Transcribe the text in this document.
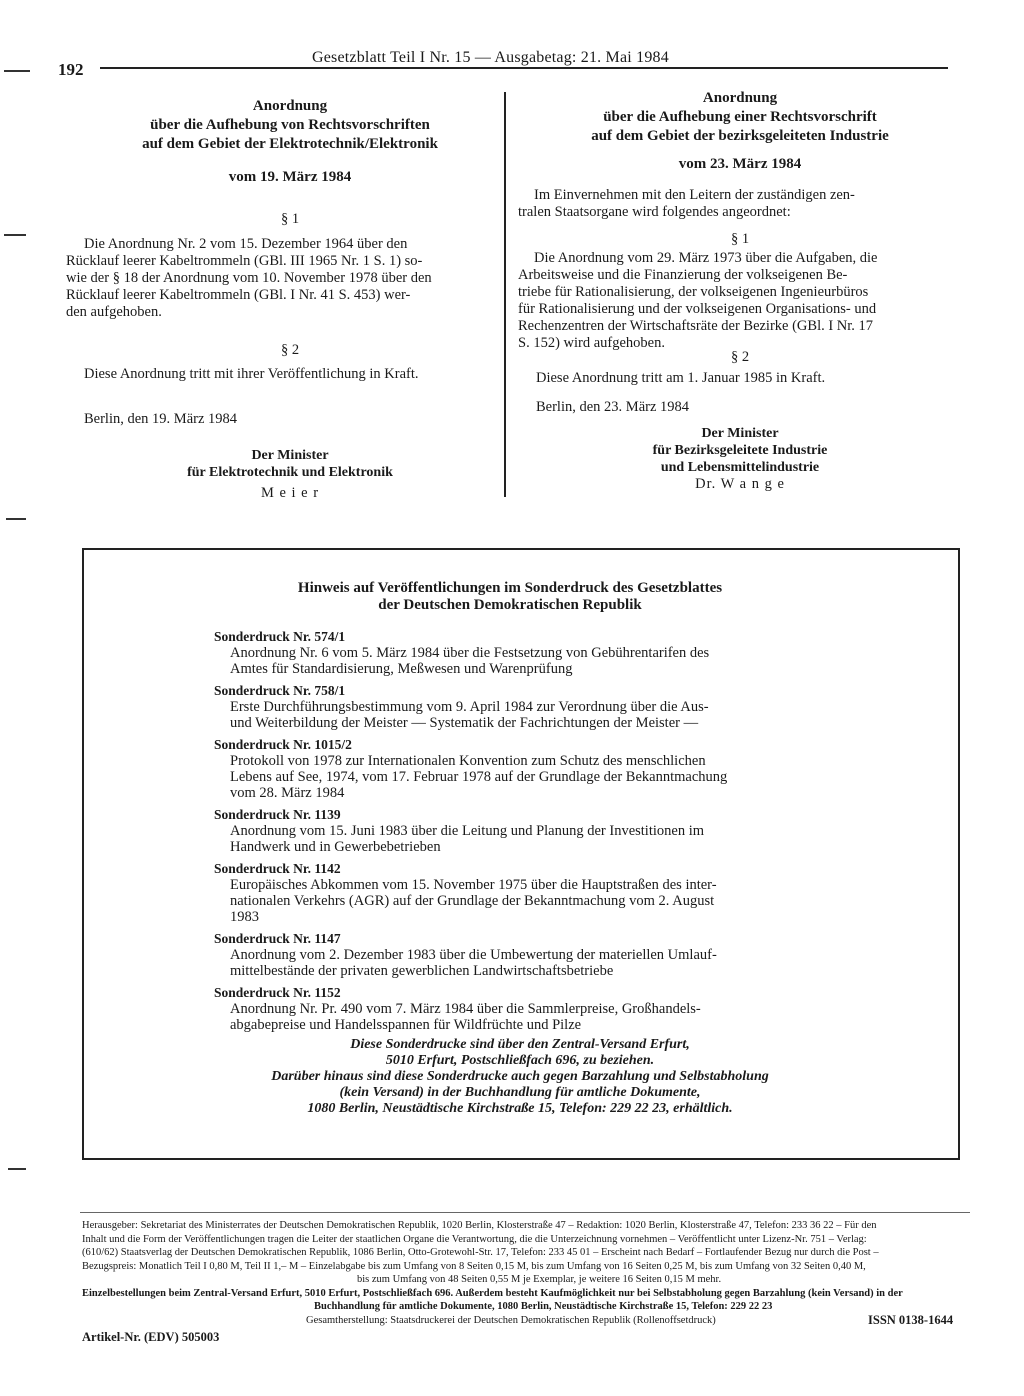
192
Gesetzblatt Teil I Nr. 15 — Ausgabetag: 21. Mai 1984
Anordnung
über die Aufhebung von Rechtsvorschriften
auf dem Gebiet der Elektrotechnik/Elektronik
vom 19. März 1984
§ 1
Die Anordnung Nr. 2 vom 15. Dezember 1964 über den
Rücklauf leerer Kabeltrommeln (GBl. III 1965 Nr. 1 S. 1) so-
wie der § 18 der Anordnung vom 10. November 1978 über den
Rücklauf leerer Kabeltrommeln (GBl. I Nr. 41 S. 453) wer-
den aufgehoben.
§ 2
Diese Anordnung tritt mit ihrer Veröffentlichung in Kraft.
Berlin, den 19. März 1984
Der Minister
für Elektrotechnik und Elektronik
M e i e r
Anordnung
über die Aufhebung einer Rechtsvorschrift
auf dem Gebiet der bezirksgeleiteten Industrie
vom 23. März 1984
Im Einvernehmen mit den Leitern der zuständigen zen-
tralen Staatsorgane wird folgendes angeordnet:
§ 1
Die Anordnung vom 29. März 1973 über die Aufgaben, die
Arbeitsweise und die Finanzierung der volkseigenen Be-
triebe für Rationalisierung, der volkseigenen Ingenieurbüros
für Rationalisierung und der volkseigenen Organisations- und
Rechenzentren der Wirtschaftsräte der Bezirke (GBl. I Nr. 17
S. 152) wird aufgehoben.
§ 2
Diese Anordnung tritt am 1. Januar 1985 in Kraft.
Berlin, den 23. März 1984
Der Minister
für Bezirksgeleitete Industrie
und Lebensmittelindustrie
Dr. W a n g e
Hinweis auf Veröffentlichungen im Sonderdruck des Gesetzblattes
der Deutschen Demokratischen Republik
Sonderdruck Nr. 574/1
Anordnung Nr. 6 vom 5. März 1984 über die Festsetzung von Gebührentarifen des
Amtes für Standardisierung, Meßwesen und Warenprüfung
Sonderdruck Nr. 758/1
Erste Durchführungsbestimmung vom 9. April 1984 zur Verordnung über die Aus-
und Weiterbildung der Meister — Systematik der Fachrichtungen der Meister —
Sonderdruck Nr. 1015/2
Protokoll von 1978 zur Internationalen Konvention zum Schutz des menschlichen
Lebens auf See, 1974, vom 17. Februar 1978 auf der Grundlage der Bekanntmachung
vom 28. März 1984
Sonderdruck Nr. 1139
Anordnung vom 15. Juni 1983 über die Leitung und Planung der Investitionen im
Handwerk und in Gewerbebetrieben
Sonderdruck Nr. 1142
Europäisches Abkommen vom 15. November 1975 über die Hauptstraßen des inter-
nationalen Verkehrs (AGR) auf der Grundlage der Bekanntmachung vom 2. August
1983
Sonderdruck Nr. 1147
Anordnung vom 2. Dezember 1983 über die Umbewertung der materiellen Umlauf-
mittelbestände der privaten gewerblichen Landwirtschaftsbetriebe
Sonderdruck Nr. 1152
Anordnung Nr. Pr. 490 vom 7. März 1984 über die Sammlerpreise, Großhandels-
abgabepreise und Handelsspannen für Wildfrüchte und Pilze
Diese Sonderdrucke sind über den Zentral-Versand Erfurt,
5010 Erfurt, Postschließfach 696, zu beziehen.
Darüber hinaus sind diese Sonderdrucke auch gegen Barzahlung und Selbstabholung
(kein Versand) in der Buchhandlung für amtliche Dokumente,
1080 Berlin, Neustädtische Kirchstraße 15, Telefon: 229 22 23, erhältlich.
Herausgeber: Sekretariat des Ministerrates der Deutschen Demokratischen Republik, 1020 Berlin, Klosterstraße 47 – Redaktion: 1020 Berlin, Klosterstraße 47, Telefon: 233 36 22 – Für den
Inhalt und die Form der Veröffentlichungen tragen die Leiter der staatlichen Organe die Verantwortung, die die Unterzeichnung vornehmen – Veröffentlicht unter Lizenz-Nr. 751 – Verlag:
(610/62) Staatsverlag der Deutschen Demokratischen Republik, 1086 Berlin, Otto-Grotewohl-Str. 17, Telefon: 233 45 01 – Erscheint nach Bedarf – Fortlaufender Bezug nur durch die Post –
Bezugspreis: Monatlich Teil I 0,80 M, Teil II 1,– M – Einzelabgabe bis zum Umfang von 8 Seiten 0,15 M, bis zum Umfang von 16 Seiten 0,25 M, bis zum Umfang von 32 Seiten 0,40 M,
bis zum Umfang von 48 Seiten 0,55 M je Exemplar, je weitere 16 Seiten 0,15 M mehr.
Einzelbestellungen beim Zentral-Versand Erfurt, 5010 Erfurt, Postschließfach 696. Außerdem besteht Kaufmöglichkeit nur bei Selbstabholung gegen Barzahlung (kein Versand) in der
Buchhandlung für amtliche Dokumente, 1080 Berlin, Neustädtische Kirchstraße 15, Telefon: 229 22 23
Gesamtherstellung: Staatsdruckerei der Deutschen Demokratischen Republik (Rollenoffsetdruck)	ISSN 0138-1644
Artikel-Nr. (EDV) 505003
